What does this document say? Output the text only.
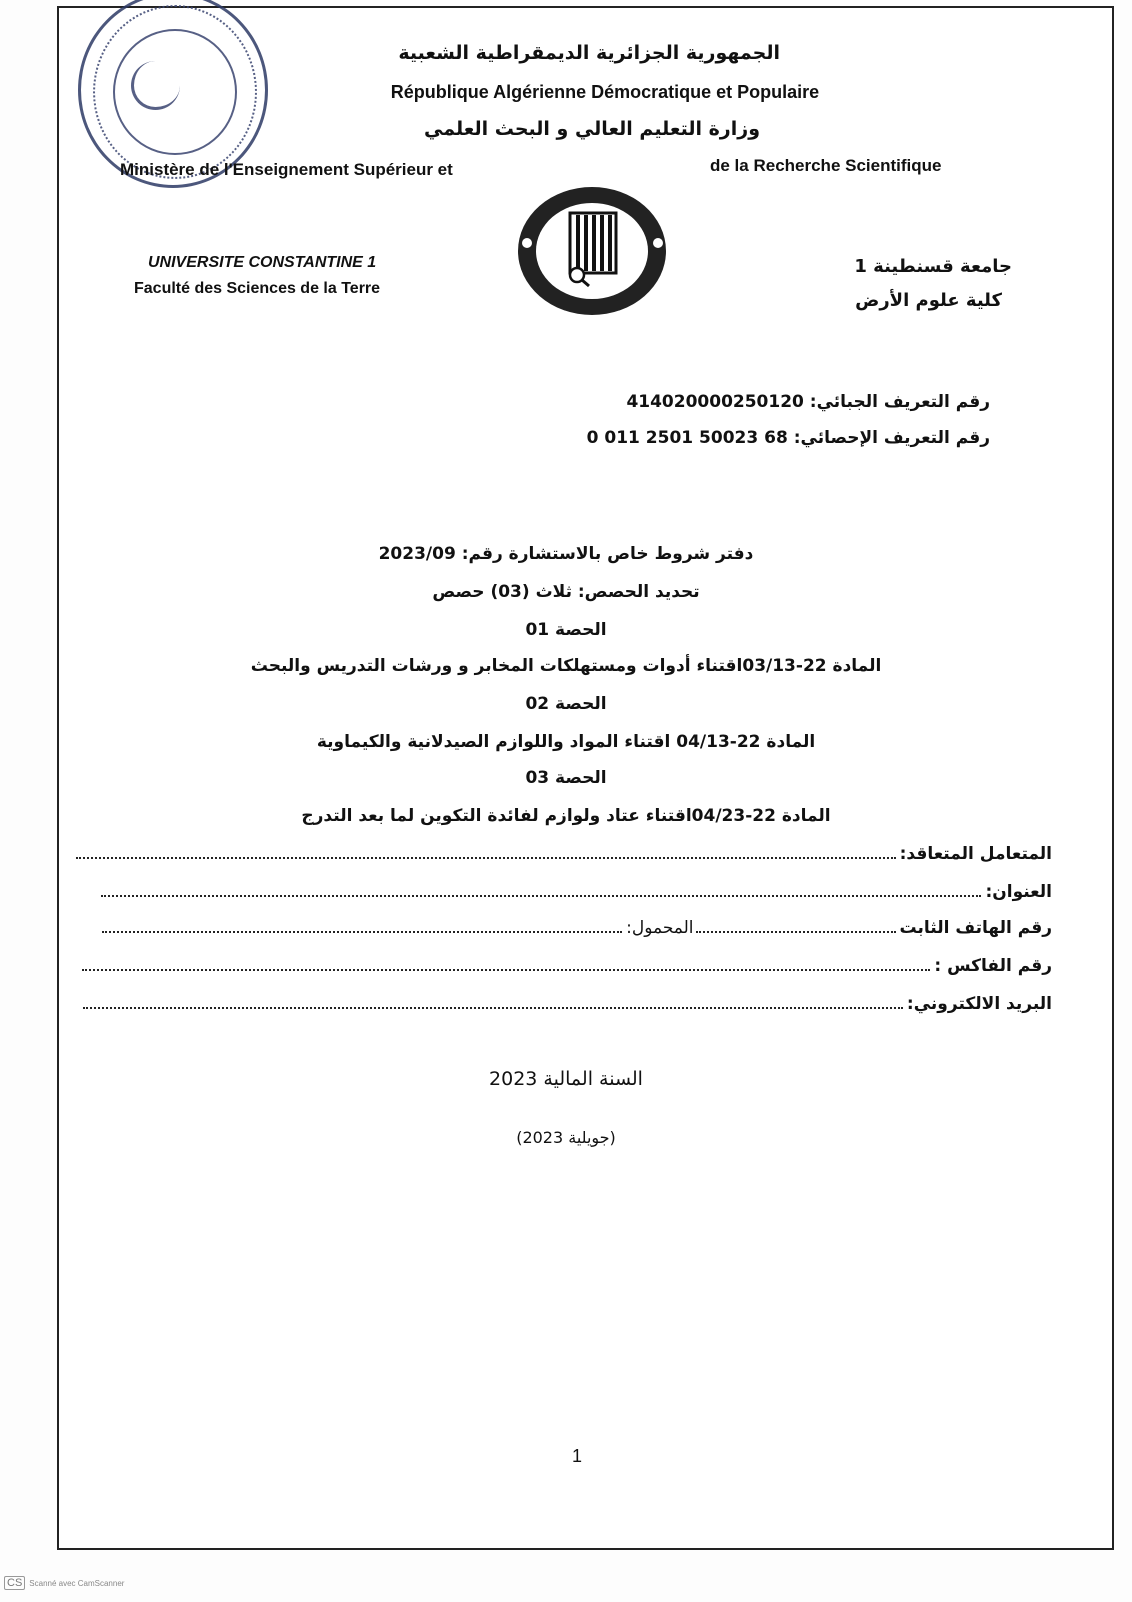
الجمهورية الجزائرية الديمقراطية الشعبية
République Algérienne Démocratique et Populaire
وزارة التعليم العالي و البحث العلمي
Ministère de l'Enseignement Supérieur et	de la Recherche Scientifique
UNIVERSITE CONSTANTINE 1
Faculté des Sciences de la Terre
جامعة قسنطينة 1
كلية علوم الأرض
رقم التعريف الجبائي: 414020000250120
رقم التعريف الإحصائي: 68 50023 2501 011 0
دفتر شروط خاص بالاستشارة رقم: 2023/09
تحديد الحصص: ثلاث (03) حصص
الحصة 01
المادة 22-03/13اقتناء أدوات ومستهلكات المخابر و ورشات التدريس والبحث
الحصة 02
المادة 22-04/13 اقتناء المواد واللوازم الصيدلانية والكيماوية
الحصة 03
المادة 22-04/23اقتناء عتاد ولوازم لفائدة التكوين لما بعد التدرج
المتعامل المتعاقد:
العنوان:
رقم الهاتف الثابت
المحمول:
رقم الفاكس :
البريد الالكتروني:
السنة المالية 2023
(جويلية 2023)
1
CS Scanné avec CamScanner
